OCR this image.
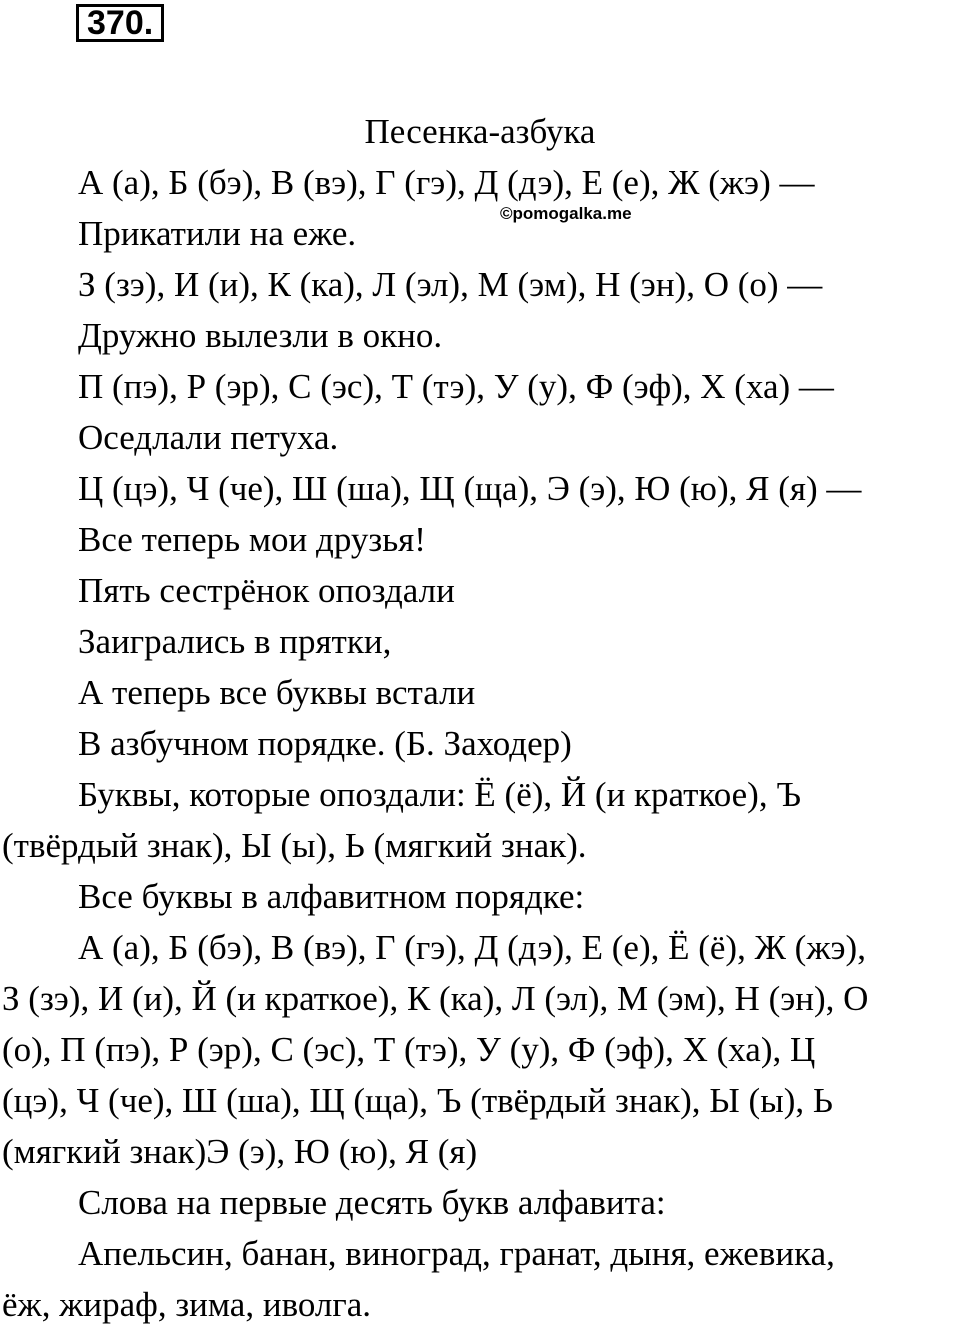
370.
©pomogalka.me
Песенка-азбука
А (а), Б (бэ), В (вэ), Г (гэ), Д (дэ), Е (е), Ж (жэ) —
Прикатили на еже.
З (зэ), И (и), К (ка), Л (эл), М (эм), Н (эн), О (о) —
Дружно вылезли в окно.
П (пэ), Р (эр), С (эс), Т (тэ), У (у), Ф (эф), Х (ха) —
Оседлали петуха.
Ц (цэ), Ч (че), Ш (ша), Щ (ща), Э (э), Ю (ю), Я (я) —
Все теперь мои друзья!
Пять сестрёнок опоздали
Заигрались в прятки,
А теперь все буквы встали
В азбучном порядке. (Б. Заходер)
Буквы, которые опоздали: Ё (ё), Й (и краткое), Ъ
(твёрдый знак), Ы (ы), Ь (мягкий знак).
Все буквы в алфавитном порядке:
А (а), Б (бэ), В (вэ), Г (гэ), Д (дэ), Е (е), Ё (ё), Ж (жэ),
З (зэ), И (и), Й (и краткое), К (ка), Л (эл), М (эм), Н (эн), О
(о), П (пэ), Р (эр), С (эс), Т (тэ), У (у), Ф (эф), Х (ха), Ц
(цэ), Ч (че), Ш (ша), Щ (ща), Ъ (твёрдый знак), Ы (ы), Ь
(мягкий знак)Э (э), Ю (ю), Я (я)
Слова на первые десять букв алфавита:
Апельсин, банан, виноград, гранат, дыня, ежевика,
ёж, жираф, зима, иволга.
